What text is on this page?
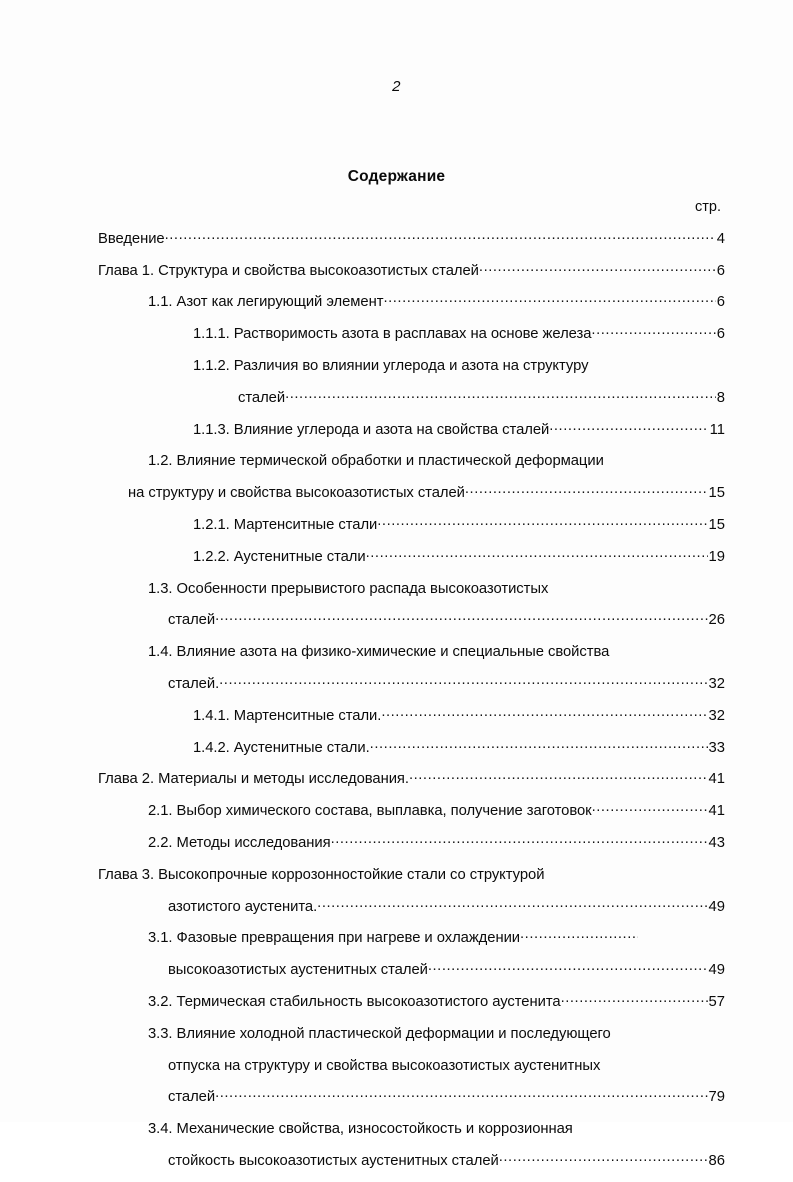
2
Содержание
стр.
Введение .....	4
Глава 1. Структура и свойства высокоазотистых сталей .....	6
1.1. Азот как легирующий элемент .....	6
1.1.1. Растворимость азота в расплавах на основе железа .....	6
1.1.2. Различия во влиянии углерода и азота на структуру
сталей .....	8
1.1.3. Влияние углерода и азота на свойства сталей .....	11
1.2. Влияние термической обработки и пластической деформации
на структуру и свойства высокоазотистых сталей .....	15
1.2.1. Мартенситные стали .....	15
1.2.2. Аустенитные стали .....	19
1.3. Особенности прерывистого распада высокоазотистых
сталей .....	26
1.4. Влияние азота на физико-химические и специальные свойства
сталей. .....	32
1.4.1. Мартенситные стали. .....	32
1.4.2. Аустенитные стали. .....	33
Глава 2. Материалы и методы исследования. .....	41
2.1. Выбор химического состава, выплавка, получение заготовок .....	41
2.2. Методы исследования .....	43
Глава 3. Высокопрочные коррозонностойкие стали со структурой
азотистого аустенита. .....	49
3.1. Фазовые превращения при нагреве и охлаждении
.....
высокоазотистых аустенитных сталей .....	49
3.2. Термическая стабильность высокоазотистого аустенита .....	57
3.3. Влияние холодной пластической деформации и последующего
отпуска на структуру и свойства высокоазотистых аустенитных
сталей .....	79
3.4. Механические свойства, износостойкость и коррозионная
стойкость высокоазотистых аустенитных сталей .....	86
